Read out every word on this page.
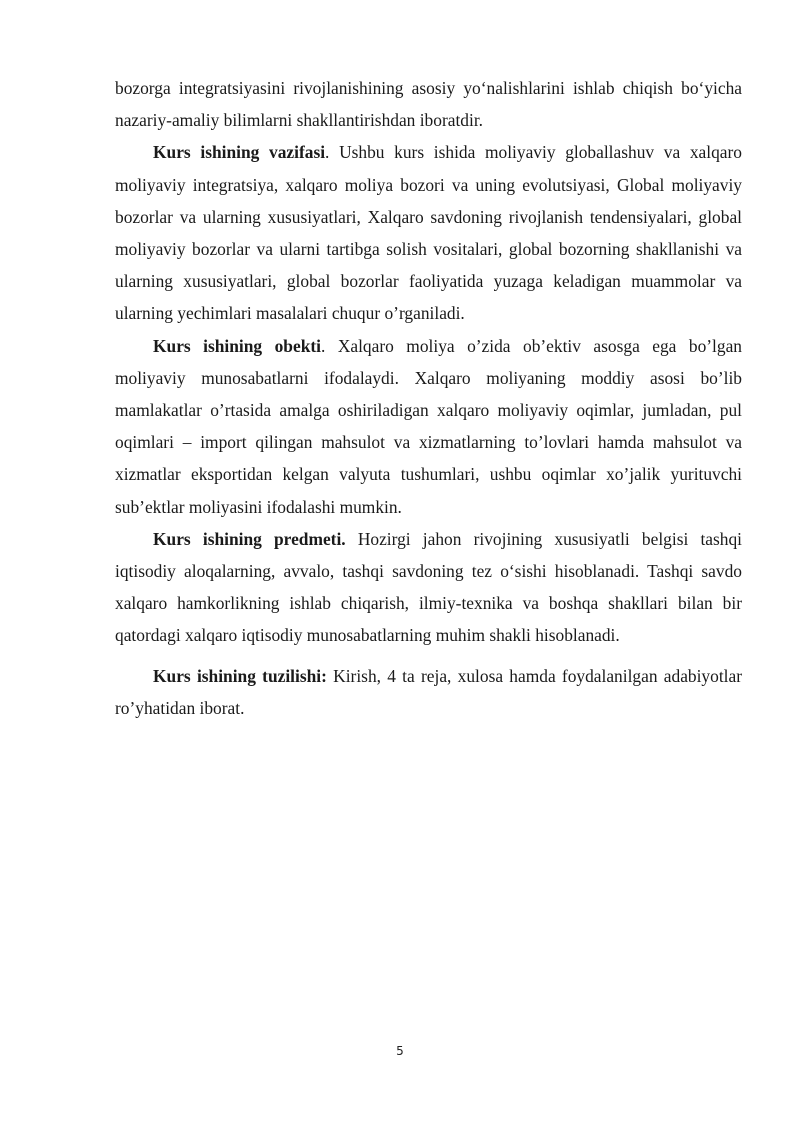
bozorga integratsiyasini rivojlanishining asosiy yo‘nalishlarini ishlab chiqish bo‘yicha nazariy-amaliy bilimlarni shakllantirishdan iboratdir.

Kurs ishining vazifasi. Ushbu kurs ishida moliyaviy globallashuv va xalqaro moliyaviy integratsiya, xalqaro moliya bozori va uning evolutsiyasi, Global moliyaviy bozorlar va ularning xususiyatlari, Xalqaro savdoning rivojlanish tendensiyalari, global moliyaviy bozorlar va ularni tartibga solish vositalari, global bozorning shakllanishi va ularning xususiyatlari, global bozorlar faoliyatida yuzaga keladigan muammolar va ularning yechimlari masalalari chuqur o’rganiladi.

Kurs ishining obekti. Xalqaro moliya o’zida ob’ektiv asosga ega bo’lgan moliyaviy munosabatlarni ifodalaydi. Xalqaro moliyaning moddiy asosi bo’lib mamlakatlar o’rtasida amalga oshiriladigan xalqaro moliyaviy oqimlar, jumladan, pul oqimlari – import qilingan mahsulot va xizmatlarning to’lovlari hamda mahsulot va xizmatlar eksportidan kelgan valyuta tushumlari, ushbu oqimlar xo’jalik yurituvchi sub’ektlar moliyasini ifodalashi mumkin.

Kurs ishining predmeti. Hozirgi jahon rivojining xususiyatli belgisi tashqi iqtisodiy aloqalarning, avvalo, tashqi savdoning tez o‘sishi hisoblanadi. Tashqi savdo xalqaro hamkorlikning ishlab chiqarish, ilmiy-texnika va boshqa shakllari bilan bir qatordagi xalqaro iqtisodiy munosabatlarning muhim shakli hisoblanadi.

Kurs ishining tuzilishi: Kirish, 4 ta reja, xulosa hamda foydalanilgan adabiyotlar ro’yhatidan iborat.

5
